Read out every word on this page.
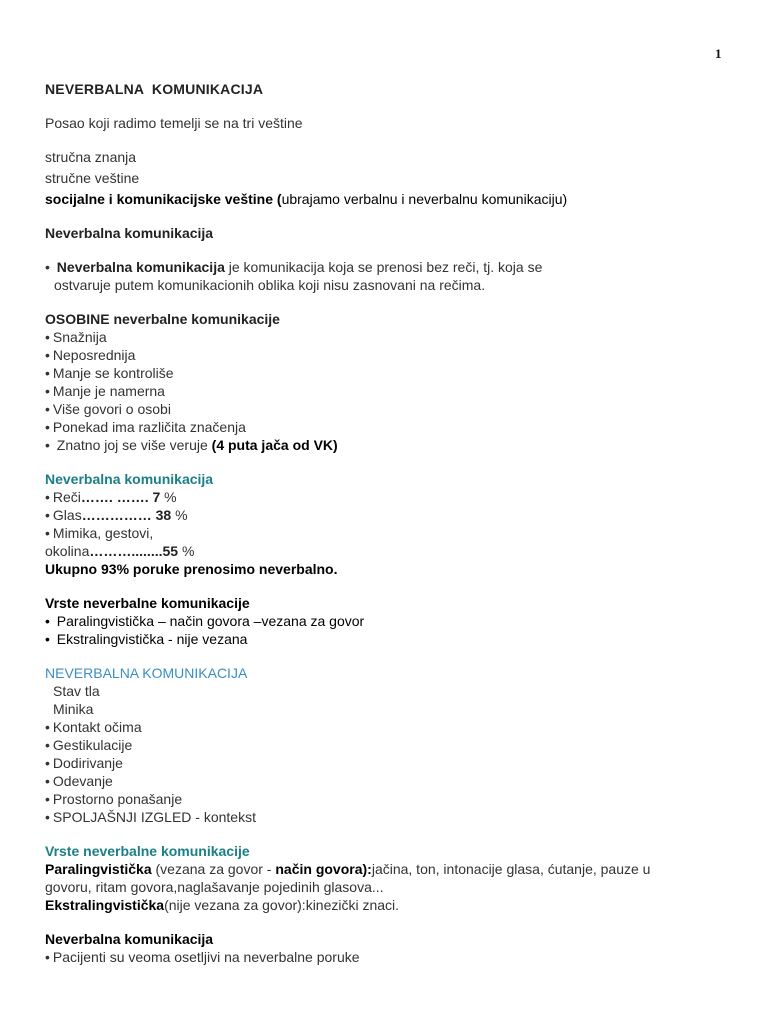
1
NEVERBALNA  KOMUNIKACIJA
Posao koji radimo temelji se na tri veštine
stručna znanja
stručne veštine
socijalne i komunikacijske veštine (ubrajamo verbalnu i neverbalnu komunikaciju)
Neverbalna komunikacija
• Neverbalna komunikacija je komunikacija koja se prenosi bez reči, tj. koja se
ostvaruje putem komunikacionih oblika koji nisu zasnovani na rečima.
OSOBINE neverbalne komunikacije
• Snažnija
• Neposrednija
• Manje se kontroliše
• Manje je namerna
• Više govori o osobi
• Ponekad ima različita značenja
• Znatno joj se više veruje (4 puta jača od VK)
Neverbalna komunikacija
• Reči……. ……. 7 %
• Glas…………… 38 %
• Mimika, gestovi,
okolina………........55 %
Ukupno 93% poruke prenosimo neverbalno.
Vrste neverbalne komunikacije
• Paralingvistička – način govora –vezana za govor
• Ekstralingvistička - nije vezana
NEVERBALNA KOMUNIKACIJA
Stav tla
Minika
• Kontakt očima
• Gestikulacije
• Dodirivanje
• Odevanje
• Prostorno ponašanje
• SPOLJAŠNJI IZGLED - kontekst
Vrste neverbalne komunikacije
Paralingvistička (vezana za govor - način govora):jačina, ton, intonacije glasa, ćutanje, pauze u
govoru, ritam govora,naglašavanje pojedinih glasova...
Ekstralingvistička(nije vezana za govor):kinezički znaci.
Neverbalna komunikacija
• Pacijenti su veoma osetljivi na neverbalne poruke
